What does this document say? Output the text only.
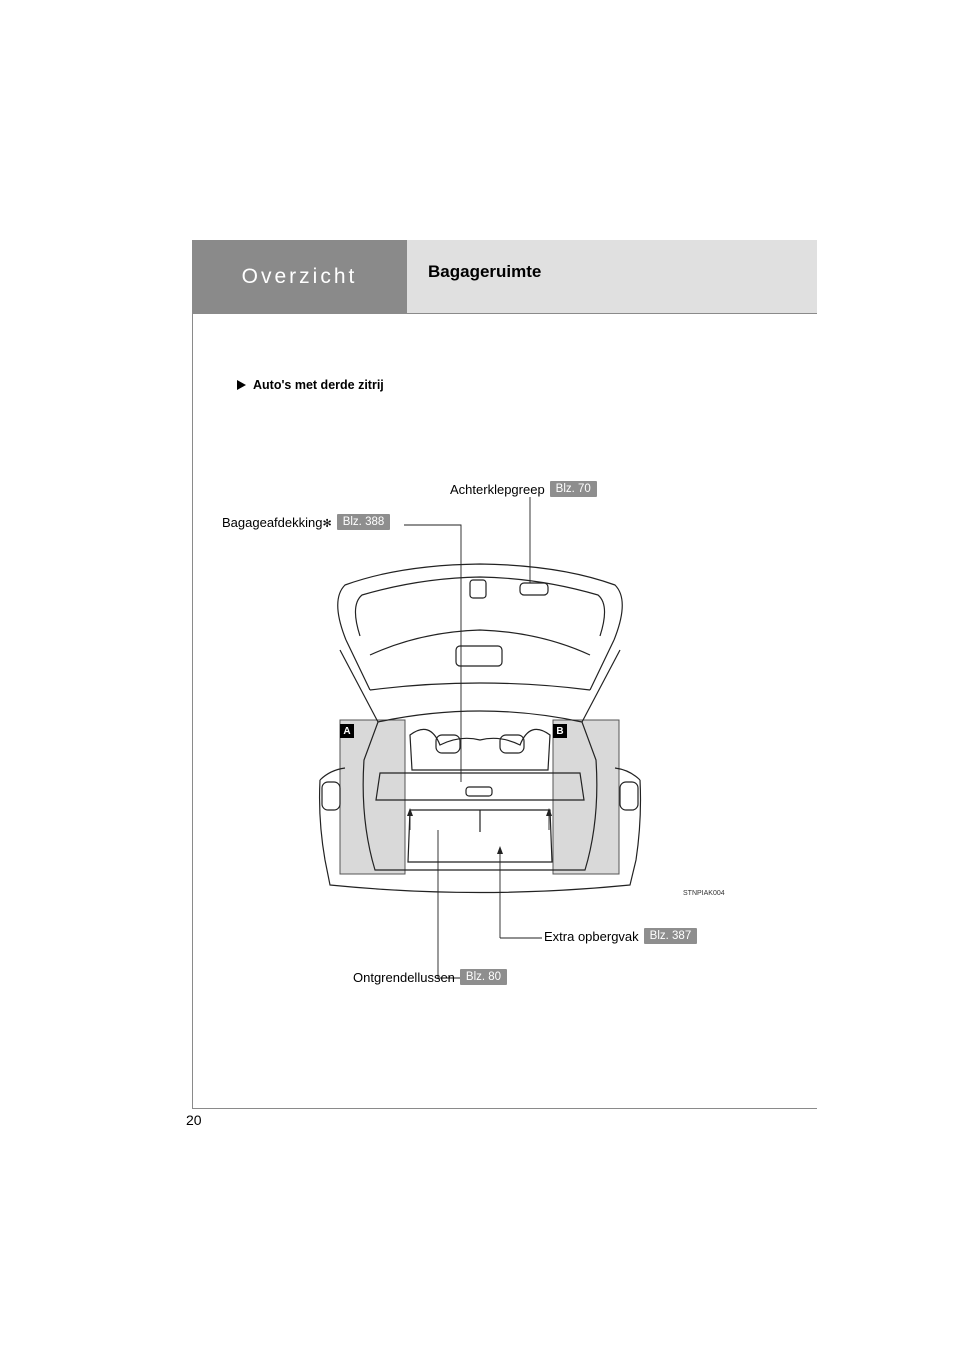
Overzicht	Bagageruimte
Auto's met derde zitrij
A	B
Achterklepgreep Blz. 70
Bagageafdekking✻ Blz. 388
Extra opbergvak Blz. 387
Ontgrendellussen Blz. 80
STNPIAK004
20
